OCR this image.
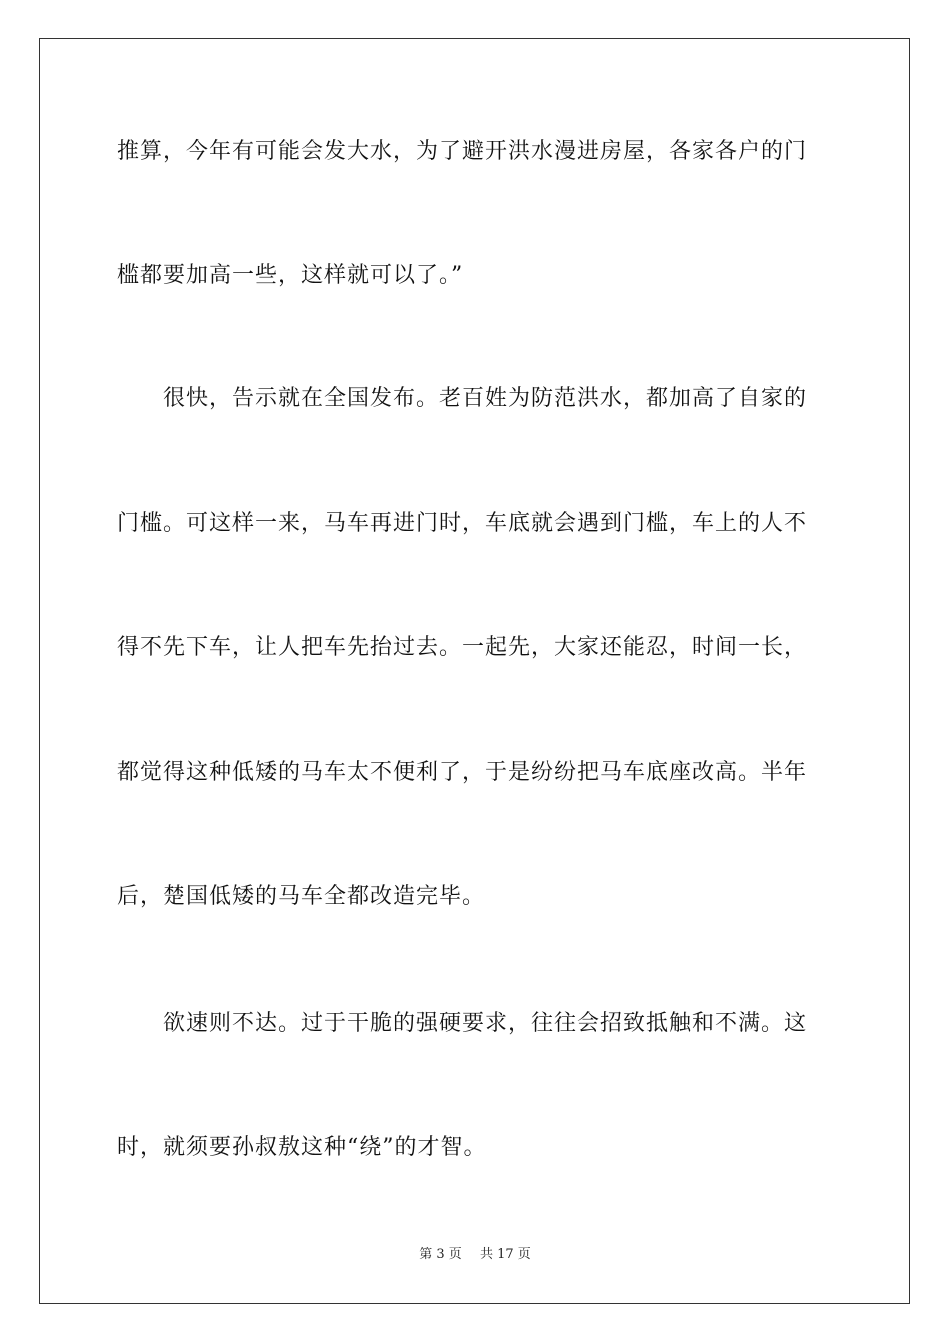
推算，今年有可能会发大水，为了避开洪水漫进房屋，各家各户的门
槛都要加高一些，这样就可以了。”
很快，告示就在全国发布。老百姓为防范洪水，都加高了自家的
门槛。可这样一来，马车再进门时，车底就会遇到门槛，车上的人不
得不先下车，让人把车先抬过去。一起先，大家还能忍，时间一长，
都觉得这种低矮的马车太不便利了，于是纷纷把马车底座改高。半年
后，楚国低矮的马车全都改造完毕。
欲速则不达。过于干脆的强硬要求，往往会招致抵触和不满。这
时，就须要孙叔敖这种“绕”的才智。
第 3 页 共 17 页
